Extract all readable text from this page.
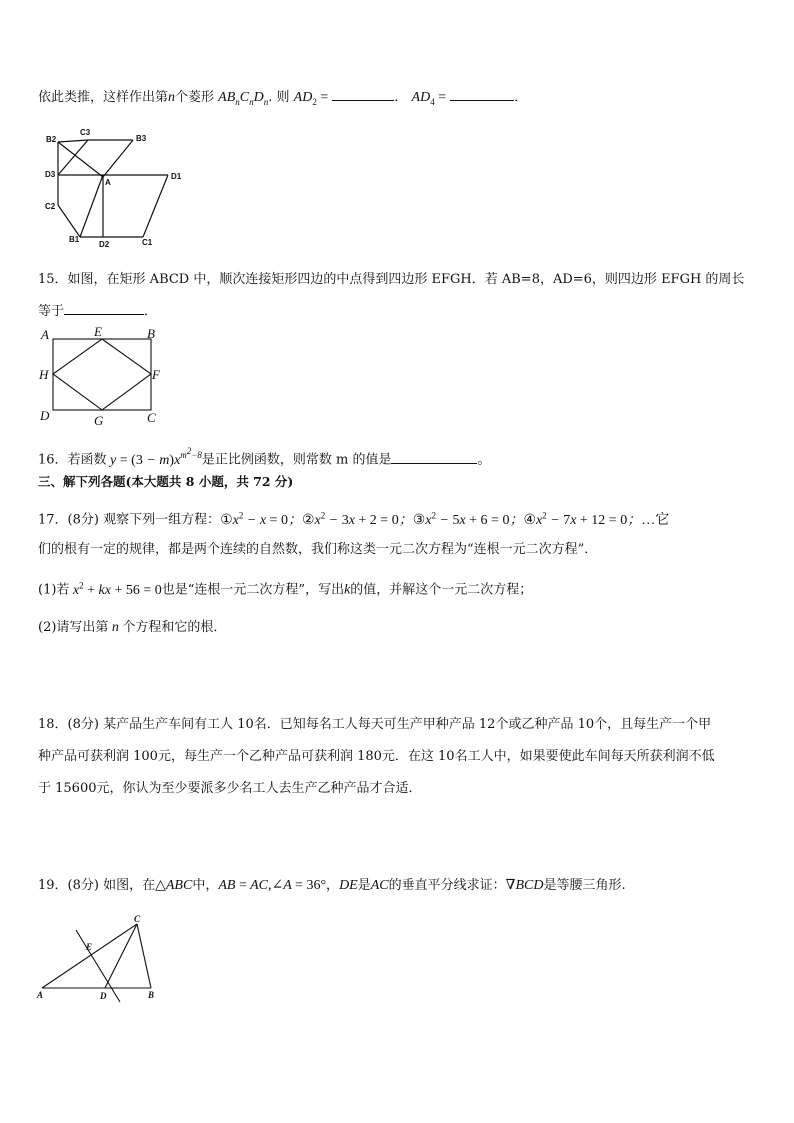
依此类推，这样作出第n个菱形 $AB_nC_nD_n$. 则 $AD_2$ =	． $AD_4$ =	．
B2
C3
B3
D3
A
D1
C2
B1
D2	C1
15．如图，在矩形 ABCD 中，顺次连接矩形四边的中点得到四边形 EFGH．若 AB=8，AD=6，则四边形 EFGH 的周长
等于	．
A	E	B
H	F
D	G	C
16．若函数 $y = (3 - m)x^{m^2-8}$是正比例函数，则常数 m 的值是	。
三、解下列各题(本大题共 8 小题，共 72 分)
17．(8分) 观察下列一组方程：$①x^2 - x = 0$；$②x^2 - 3x + 2 = 0$；$③x^2 - 5x + 6 = 0$；$④x^2 - 7x + 12 = 0$；…它
们的根有一定的规律，都是两个连续的自然数，我们称这类一元二次方程为“连根一元二次方程”．
(1)若 $x^2$ + kx + 56 = 0也是“连根一元二次方程”，写出k的值，并解这个一元二次方程；
(2)请写出第 n 个方程和它的根．
18．(8分) 某产品生产车间有工人 10名．已知每名工人每天可生产甲种产品 12个或乙种产品 10个，且每生产一个甲
种产品可获利润 100元，每生产一个乙种产品可获利润 180元．在这 10名工人中，如果要使此车间每天所获利润不低
于 15600元，你认为至少要派多少名工人去生产乙种产品才合适．
19．(8分) 如图，在△ABC中，AB = AC,∠A = 36°，DE是AC的垂直平分线求证：∇BCD是等腰三角形.
C
E
A	D	B
